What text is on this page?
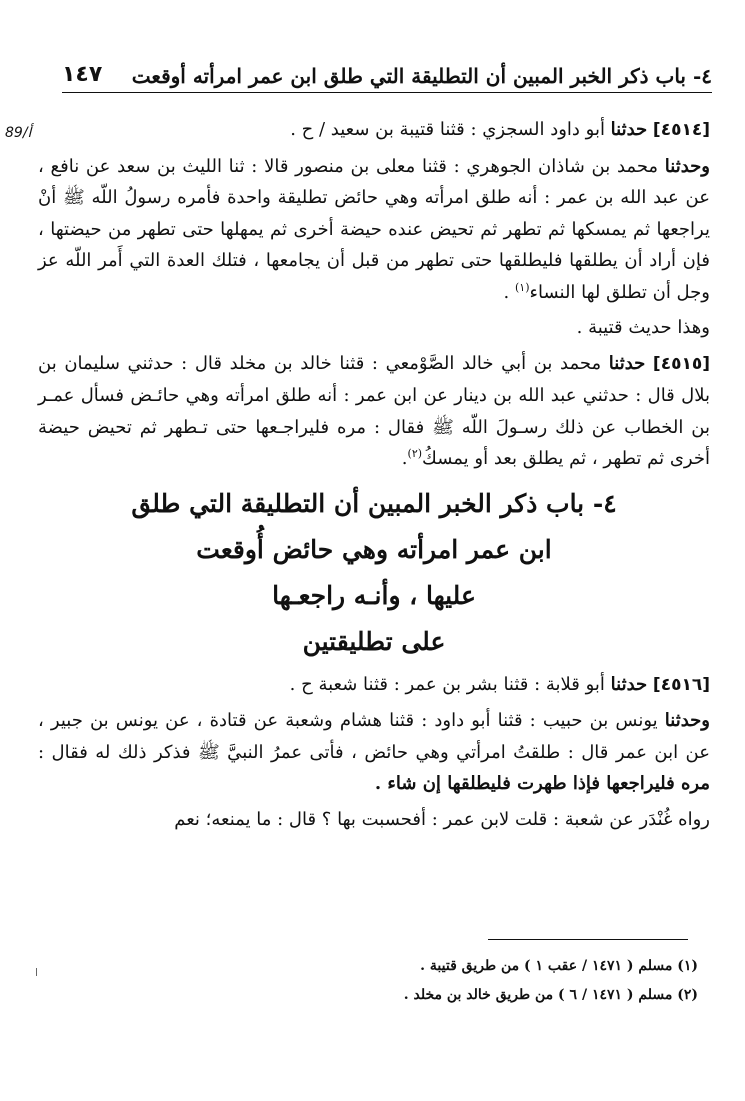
١٤٧ ٤- باب ذكر الخبر المبين أن التطليقة التي طلق ابن عمر امرأته أوقعت
89/أ	[٤٥١٤] حدثنا أبو داود السجزي : قثنا قتيبة بن سعيد / ح .

وحدثنا محمد بن شاذان الجوهري : قثنا معلى بن منصور قالا : ثنا الليث بن سعد عن نافع ، عن عبد الله بن عمر : أنه طلق امرأته وهي حائض تطليقة واحدة فأمره رسولُ اللّه ﷺ أنْ يراجعها ثم يمسكها ثم تطهر ثم تحيض عنده حيضة أخرى ثم يمهلها حتى تطهر من حيضتها ، فإن أراد أن يطلقها فليطلقها حتى تطهر من قبل أن يجامعها ، فتلك العدة التي أَمر اللّه عز وجل أن تطلق لها النساء$^{(١)}$ .

وهذا حديث قتيبة .

[٤٥١٥] حدثنا محمد بن أبي خالد الصَّوْمعي : قثنا خالد بن مخلد قال : حدثني سليمان بن بلال قال : حدثني عبد الله بن دينار عن ابن عمر : أنه طلق امرأته وهي حائـض فسأل عمـر بن الخطاب عن ذلك رسـولَ اللّه ﷺ فقال : مره فليراجـعها حتى تـطهر ثم تحيض حيضة أخرى ثم تطهر ، ثم يطلق بعد أو يمسكُ$^{(٢)}$.

٤- باب ذكر الخبر المبين أن التطليقة التي طلق
ابن عمر امرأته وهي حائض أُوقعت
عليها ، وأنـه راجعـها
على تطليقتين

[٤٥١٦] حدثنا أبو قلابة : قثنا بشر بن عمر : قثنا شعبة ح .

وحدثنا يونس بن حبيب : قثنا أبو داود : قثنا هشام وشعبة عن قتادة ، عن يونس بن جبير ، عن ابن عمر قال : طلقتُ امرأتي وهي حائض ، فأتى عمرُ النبيَّ ﷺ فذكر ذلك له فقال : مره فليراجعها فإذا طهرت فليطلقها إن شاء .

رواه غُنْدَر عن شعبة : قلت لابن عمر : أفحسبت بها ؟ قال : ما يمنعه؛ نعم

(١) مسلم ( ١٤٧١ / عقب ١ ) من طريق قتيبة .
(٢) مسلم ( ١٤٧١ / ٦ ) من طريق خالد بن مخلد .
